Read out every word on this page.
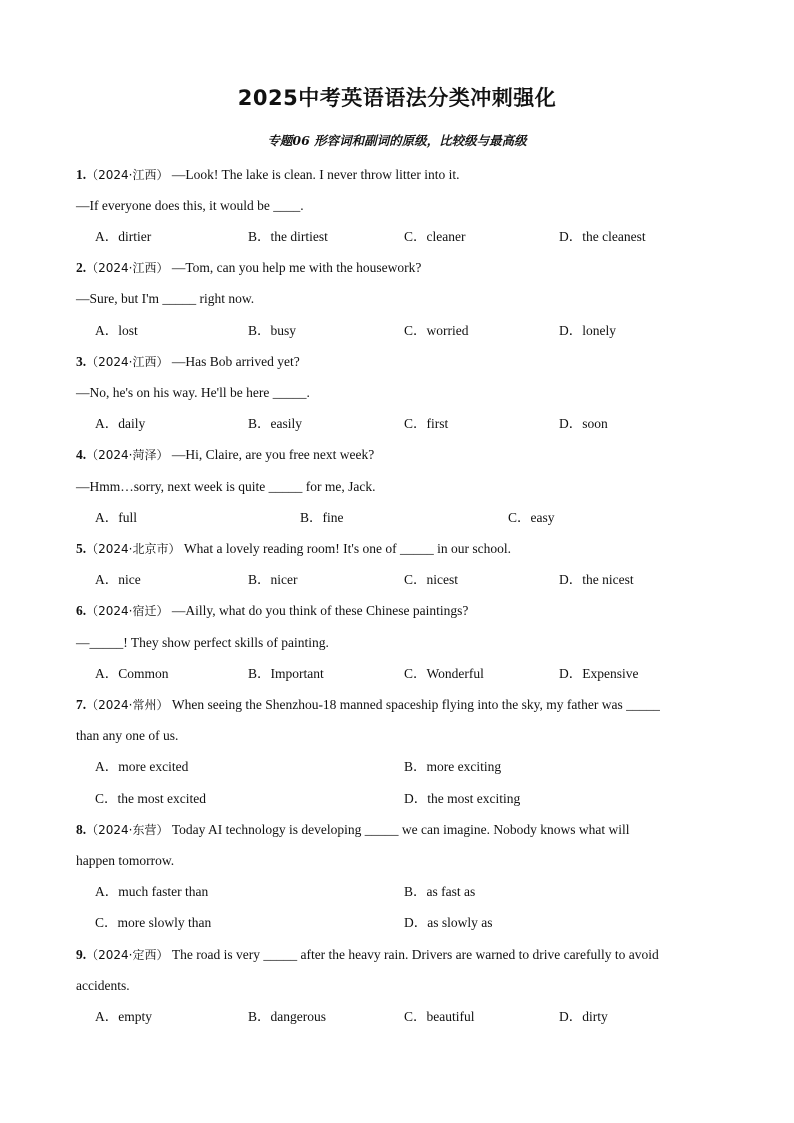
2025中考英语语法分类冲刺强化
专题06 形容词和副词的原级，比较级与最高级
1.（2024·江西） —Look! The lake is clean. I never throw litter into it.
—If everyone does this, it would be ____.
A．dirtier	B．the dirtiest	C．cleaner	D．the cleanest
2.（2024·江西） —Tom, can you help me with the housework?
—Sure, but I'm _____ right now.
A．lost	B．busy	C．worried	D．lonely
3.（2024·江西） —Has Bob arrived yet?
—No, he's on his way. He'll be here _____.
A．daily	B．easily	C．first	D．soon
4.（2024·菏泽） —Hi, Claire, are you free next week?
—Hmm…sorry, next week is quite _____ for me, Jack.
A．full	B．fine	C．easy
5.（2024·北京市） What a lovely reading room! It's one of _____ in our school.
A．nice	B．nicer	C．nicest	D．the nicest
6.（2024·宿迁） —Ailly, what do you think of these Chinese paintings?
—_____! They show perfect skills of painting.
A．Common	B．Important	C．Wonderful	D．Expensive
7.（2024·常州） When seeing the Shenzhou-18 manned spaceship flying into the sky, my father was _____
than any one of us.
A．more excited	B．more exciting
C．the most excited	D．the most exciting
8.（2024·东营） Today AI technology is developing _____ we can imagine. Nobody knows what will
happen tomorrow.
A．much faster than	B．as fast as
C．more slowly than	D．as slowly as
9.（2024·定西） The road is very _____ after the heavy rain. Drivers are warned to drive carefully to avoid
accidents.
A．empty	B．dangerous	C．beautiful	D．dirty
